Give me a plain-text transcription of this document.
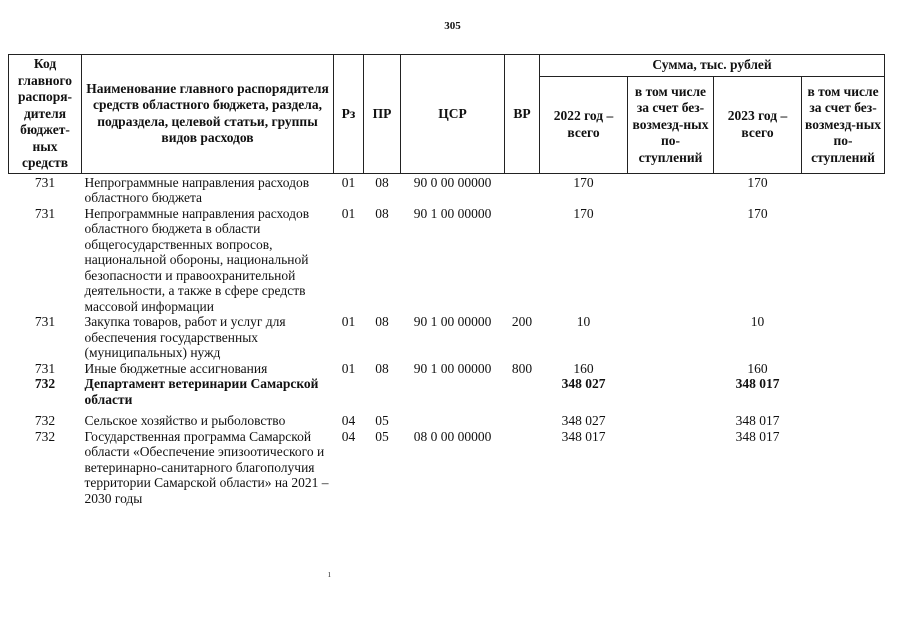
305
Код главного распоря-дителя бюджет-ных средств	Наименование главного распорядителя средств областного бюджета, раздела, подраздела, целевой статьи, группы видов расходов	Рз	ПР	ЦСР	ВР	Сумма, тыс. рублей			
						2022 год – всего	в том числе за счет без-возмезд-ных по-ступлений	2023 год – всего	в том числе за счет без-возмезд-ных по-ступлений
731	Непрограммные направления расходов областного бюджета	01	08	90 0 00 00000		170		170	
731	Непрограммные направления расходов областного бюджета в области общегосударственных вопросов, национальной обороны, национальной безопасности и правоохранительной деятельности, а также в сфере средств массовой информации	01	08	90 1 00 00000		170		170	
731	Закупка товаров, работ и услуг для обеспечения государственных (муниципальных) нужд	01	08	90 1 00 00000	200	10		10	
731	Иные бюджетные ассигнования	01	08	90 1 00 00000	800	160		160	
732	Департамент ветеринарии Самарской области					348 027		348 017	

732	Сельское хозяйство и рыболовство	04	05			348 027		348 017	
732	Государственная программа Самарской области «Обеспечение эпизоотического и ветеринарно-санитарного благополучия территории Самарской области» на 2021 – 2030 годы	04	05	08 0 00 00000		348 017		348 017	
ı
